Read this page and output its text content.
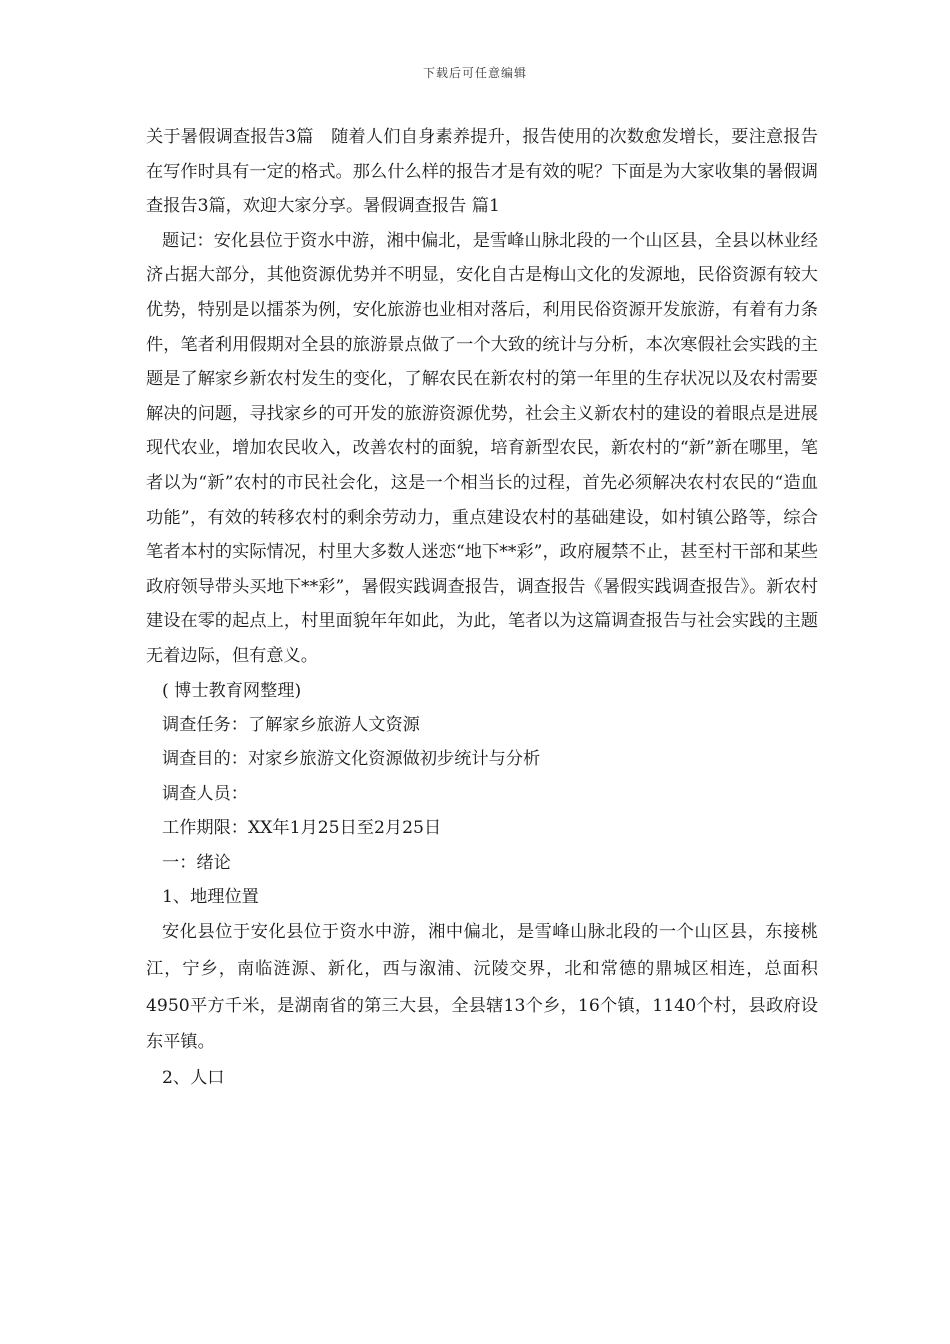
下载后可任意编辑

关于暑假调查报告3篇　随着人们自身素养提升，报告使用的次数愈发增长，要注意报告在写作时具有一定的格式。那么什么样的报告才是有效的呢？下面是为大家收集的暑假调查报告3篇，欢迎大家分享。暑假调查报告 篇1

题记：安化县位于资水中游，湘中偏北，是雪峰山脉北段的一个山区县，全县以林业经济占据大部分，其他资源优势并不明显，安化自古是梅山文化的发源地，民俗资源有较大优势，特别是以擂茶为例，安化旅游也业相对落后，利用民俗资源开发旅游，有着有力条件，笔者利用假期对全县的旅游景点做了一个大致的统计与分析，本次寒假社会实践的主题是了解家乡新农村发生的变化，了解农民在新农村的第一年里的生存状况以及农村需要解决的问题，寻找家乡的可开发的旅游资源优势，社会主义新农村的建设的着眼点是进展现代农业，增加农民收入，改善农村的面貌，培育新型农民，新农村的“新”新在哪里，笔者以为“新”农村的市民社会化，这是一个相当长的过程，首先必须解决农村农民的“造血功能”，有效的转移农村的剩余劳动力，重点建设农村的基础建设，如村镇公路等，综合笔者本村的实际情况，村里大多数人迷恋“地下**彩”，政府履禁不止，甚至村干部和某些政府领导带头买地下**彩”，暑假实践调查报告，调查报告《暑假实践调查报告》。新农村建设在零的起点上，村里面貌年年如此，为此，笔者以为这篇调查报告与社会实践的主题无着边际，但有意义。

( 博士教育网整理)

调查任务：了解家乡旅游人文资源

调查目的：对家乡旅游文化资源做初步统计与分析

调查人员：

工作期限：XX年1月25日至2月25日

一：绪论

1、地理位置

安化县位于安化县位于资水中游，湘中偏北，是雪峰山脉北段的一个山区县，东接桃江，宁乡，南临涟源、新化，西与溆浦、沅陵交界，北和常德的鼎城区相连，总面积4950平方千米，是湖南省的第三大县，全县辖13个乡，16个镇，1140个村，县政府设东平镇。

2、人口
